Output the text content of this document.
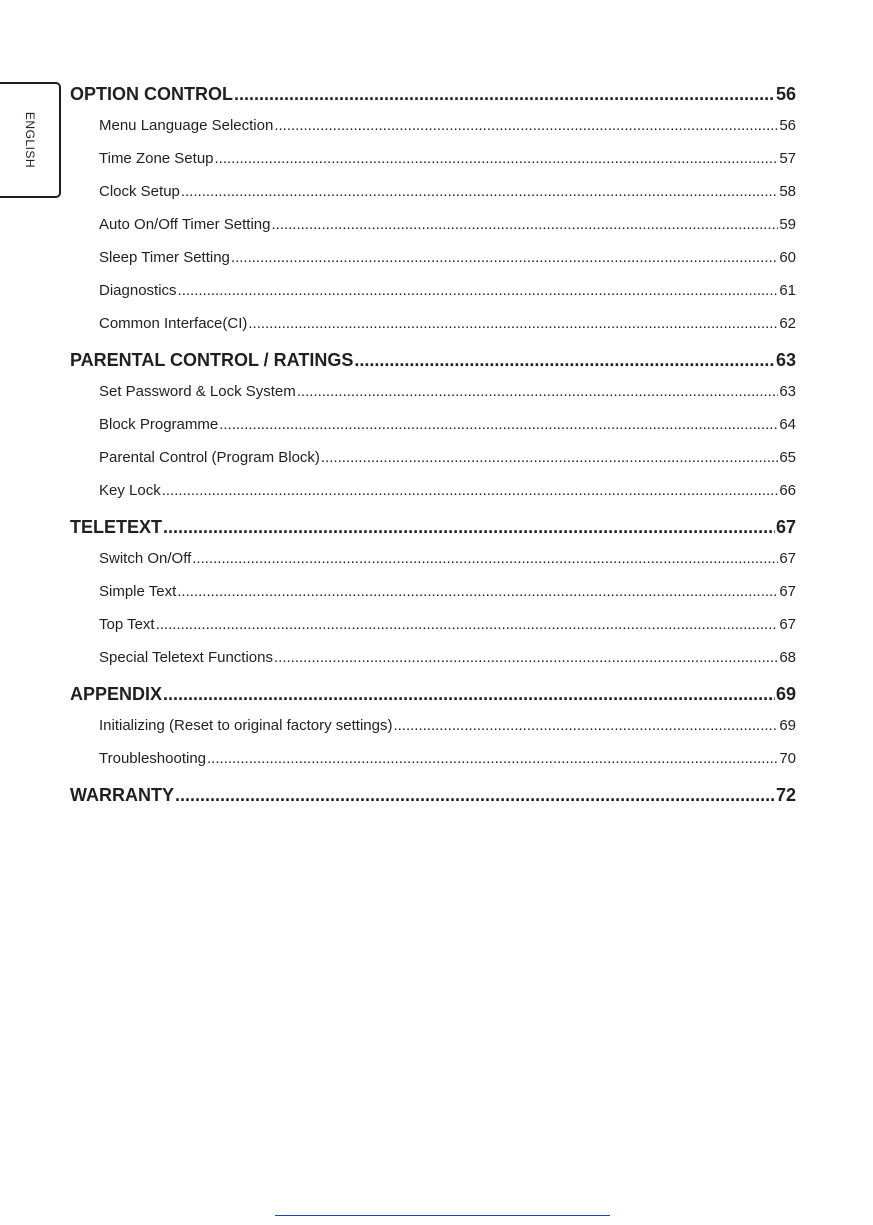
ENGLISH
OPTION CONTROL .....	56
Menu Language Selection .....	56
Time Zone Setup .....	57
Clock Setup .....	58
Auto On/Off Timer Setting .....	59
Sleep Timer Setting .....	60
Diagnostics .....	61
Common Interface(CI) .....	62
PARENTAL CONTROL / RATINGS .....	63
Set Password & Lock System .....	63
Block Programme .....	64
Parental Control (Program Block) .....	65
Key Lock .....	66
TELETEXT .....	67
Switch On/Off .....	67
Simple Text .....	67
Top Text .....	67
Special Teletext Functions .....	68
APPENDIX .....	69
Initializing (Reset to original factory settings) .....	69
Troubleshooting .....	70
WARRANTY .....	72
